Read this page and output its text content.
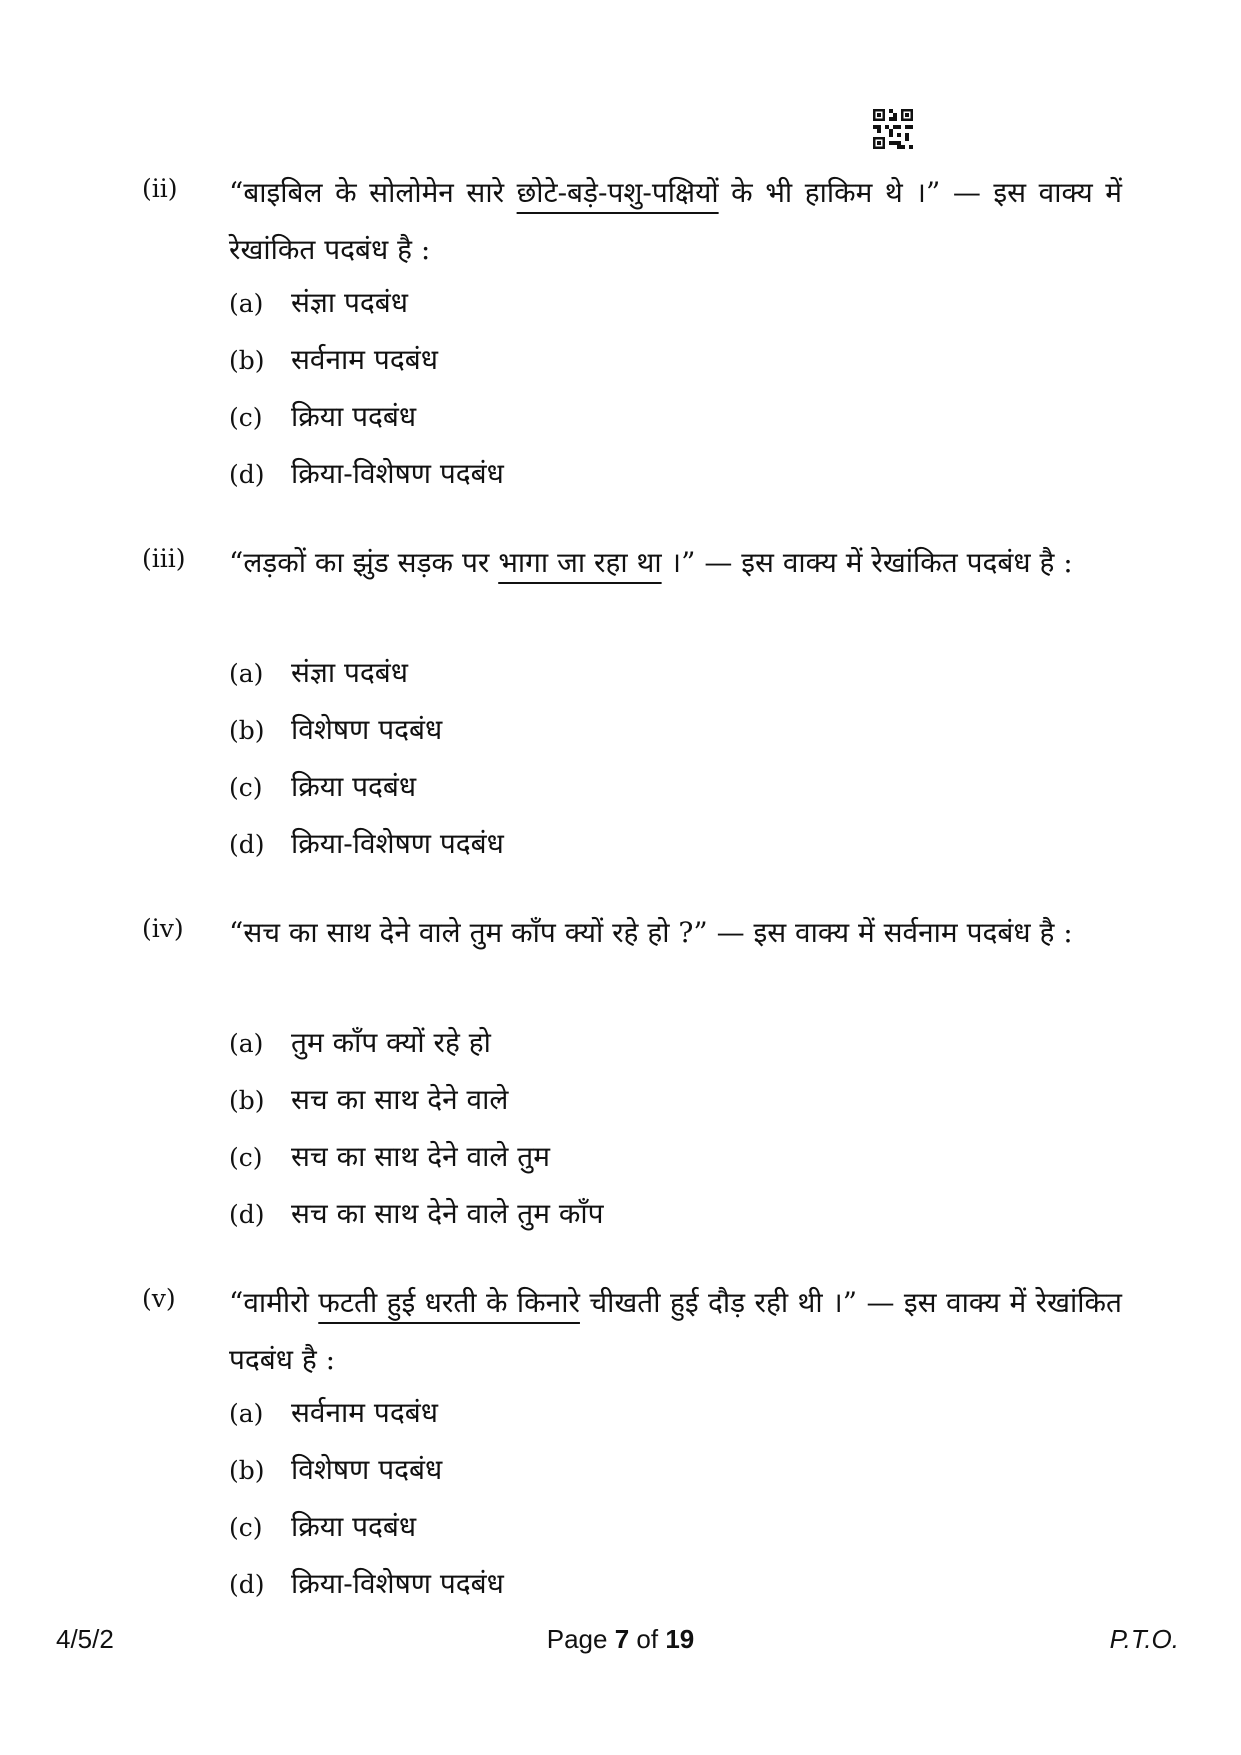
(ii)	“बाइबिल के सोलोमेन सारे छोटे-बड़े-पशु-पक्षियों के भी हाकिम थे ।” — इस वाक्य में रेखांकित पदबंध है :
(a) संज्ञा पदबंध
(b) सर्वनाम पदबंध
(c) क्रिया पदबंध
(d) क्रिया-विशेषण पदबंध
(iii)	“लड़कों का झुंड सड़क पर भागा जा रहा था ।” — इस वाक्य में रेखांकित पदबंध है :
(a) संज्ञा पदबंध
(b) विशेषण पदबंध
(c) क्रिया पदबंध
(d) क्रिया-विशेषण पदबंध
(iv)	“सच का साथ देने वाले तुम काँप क्यों रहे हो ?” — इस वाक्य में सर्वनाम पदबंध है :
(a) तुम काँप क्यों रहे हो
(b) सच का साथ देने वाले
(c) सच का साथ देने वाले तुम
(d) सच का साथ देने वाले तुम काँप
(v)	“वामीरो फटती हुई धरती के किनारे चीखती हुई दौड़ रही थी ।” — इस वाक्य में रेखांकित पदबंध है :
(a) सर्वनाम पदबंध
(b) विशेषण पदबंध
(c) क्रिया पदबंध
(d) क्रिया-विशेषण पदबंध
4/5/2	Page 7 of 19	P.T.O.
